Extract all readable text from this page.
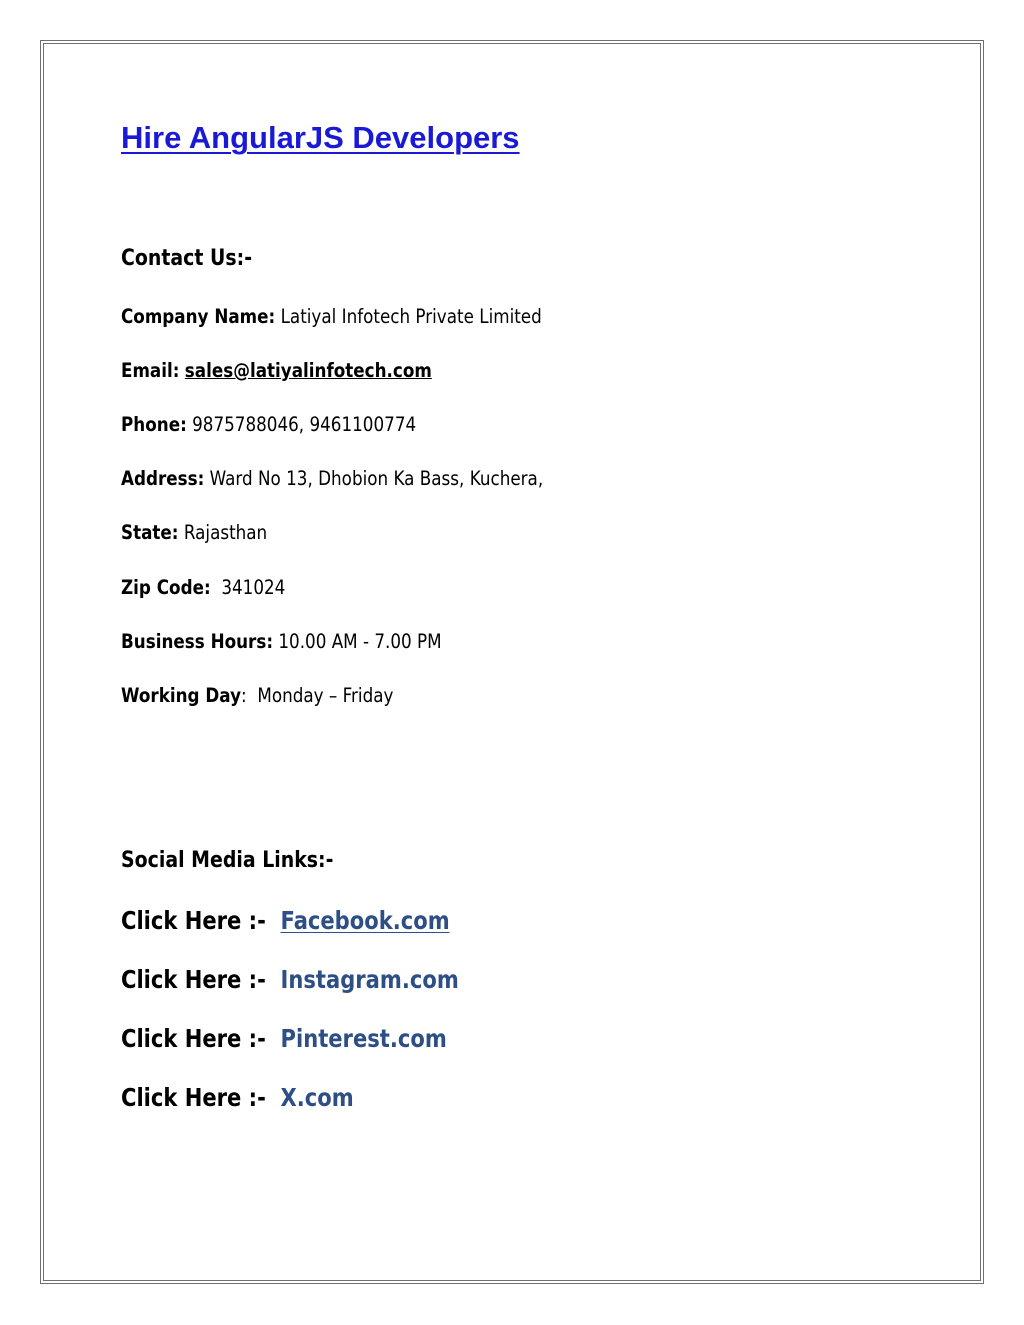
Hire AngularJS Developers
Contact Us:-
Company Name: Latiyal Infotech Private Limited
Email: sales@latiyalinfotech.com
Phone: 9875788046, 9461100774
Address: Ward No 13, Dhobion Ka Bass, Kuchera,
State: Rajasthan
Zip Code:  341024
Business Hours: 10.00 AM - 7.00 PM
Working Day:  Monday – Friday
Social Media Links:-
Click Here :-  Facebook.com
Click Here :-  Instagram.com
Click Here :-  Pinterest.com
Click Here :-  X.com
